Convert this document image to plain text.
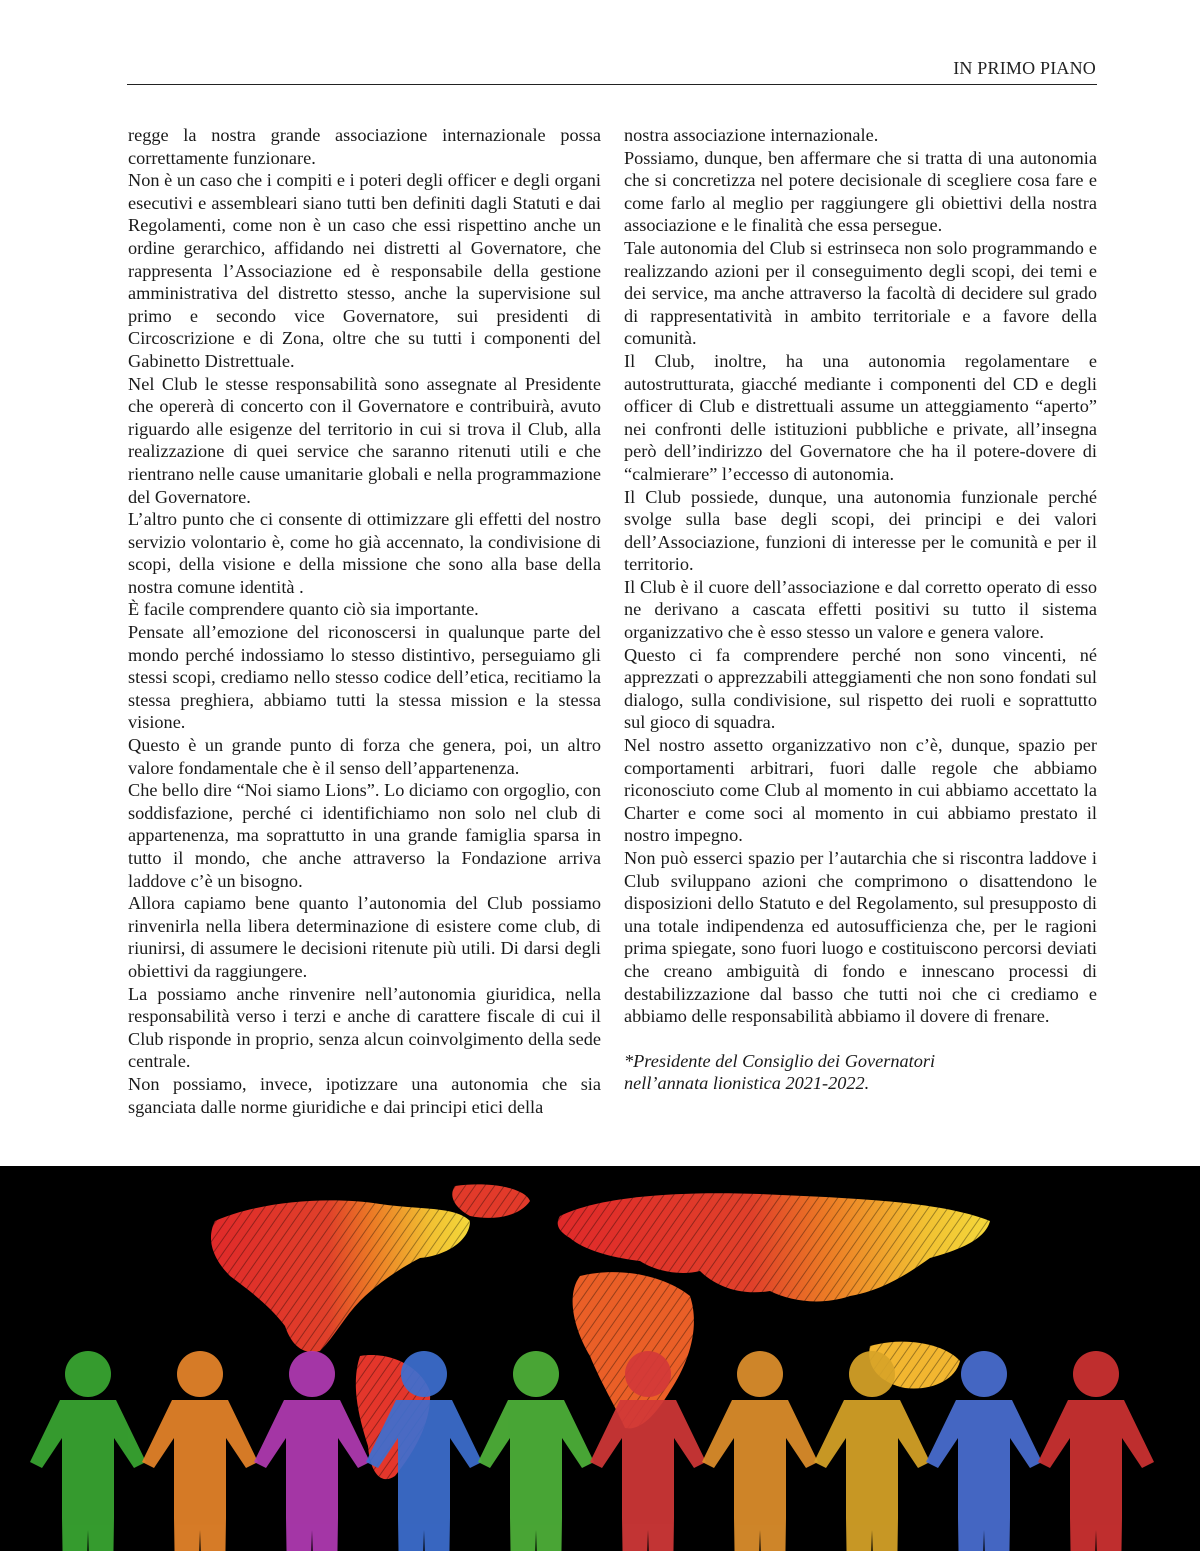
IN PRIMO PIANO

regge la nostra grande associazione internazionale possa correttamente funzionare.

Non è un caso che i compiti e i poteri degli officer e degli organi esecutivi e assembleari siano tutti ben definiti dagli Statuti e dai Regolamenti, come non è un caso che essi rispettino anche un ordine gerarchico, affidando nei distretti al Governatore, che rappresenta l’Associazione ed è responsabile della gestione amministrativa del distretto stesso, anche la supervisione sul primo e secondo vice Governatore, sui presidenti di Circoscrizione e di Zona, oltre che su tutti i componenti del Gabinetto Distrettuale.

Nel Club le stesse responsabilità sono assegnate al Presidente che opererà di concerto con il Governatore e contribuirà, avuto riguardo alle esigenze del territorio in cui si trova il Club, alla realizzazione di quei service che saranno ritenuti utili e che rientrano nelle cause umanitarie globali e nella programmazione del Governatore.

L’altro punto che ci consente di ottimizzare gli effetti del nostro servizio volontario è, come ho già accennato, la condivisione di scopi, della visione e della missione che sono alla base della nostra comune identità .

È facile comprendere quanto ciò sia importante.

Pensate all’emozione del riconoscersi in qualunque parte del mondo perché indossiamo lo stesso distintivo, perseguiamo gli stessi scopi, crediamo nello stesso codice dell’etica, recitiamo la stessa preghiera, abbiamo tutti la stessa mission e la stessa visione.

Questo è un grande punto di forza che genera, poi, un altro valore fondamentale che è il senso dell’appartenenza.

Che bello dire “Noi siamo Lions”. Lo diciamo con orgoglio, con soddisfazione, perché ci identifichiamo non solo nel club di appartenenza, ma soprattutto in una grande famiglia sparsa in tutto il mondo, che anche attraverso la Fondazione arriva laddove c’è un bisogno.

Allora capiamo bene quanto l’autonomia del Club possiamo rinvenirla nella libera determinazione di esistere come club, di riunirsi, di assumere le decisioni ritenute più utili. Di darsi degli obiettivi da raggiungere.

La possiamo anche rinvenire nell’autonomia giuridica, nella responsabilità verso i terzi e anche di carattere fiscale di cui il Club risponde in proprio, senza alcun coinvolgimento della sede centrale.

Non possiamo, invece, ipotizzare una autonomia che sia sganciata dalle norme giuridiche e dai principi etici della

nostra associazione internazionale.

Possiamo, dunque, ben affermare che si tratta di una autonomia che si concretizza nel potere decisionale di scegliere cosa fare e come farlo al meglio per raggiungere gli obiettivi della nostra associazione e le finalità che essa persegue.

Tale autonomia del Club si estrinseca non solo programmando e realizzando azioni per il conseguimento degli scopi, dei temi e dei service, ma anche attraverso la facoltà di decidere sul grado di rappresentatività in ambito territoriale e a favore della comunità.

Il Club, inoltre, ha una autonomia regolamentare e autostrutturata, giacché mediante i componenti del CD e degli officer di Club e distrettuali assume un atteggiamento “aperto” nei confronti delle istituzioni pubbliche e private, all’insegna però dell’indirizzo del Governatore che ha il potere-dovere di “calmierare” l’eccesso di autonomia.

Il Club possiede, dunque, una autonomia funzionale perché svolge sulla base degli scopi, dei principi e dei valori dell’Associazione, funzioni di interesse per le comunità e per il territorio.

Il Club è il cuore dell’associazione e dal corretto operato di esso ne derivano a cascata effetti positivi su tutto il sistema organizzativo che è esso stesso un valore e genera valore.

Questo ci fa comprendere perché non sono vincenti, né apprezzati o apprezzabili atteggiamenti che non sono fondati sul dialogo, sulla condivisione, sul rispetto dei ruoli e soprattutto sul gioco di squadra.

Nel nostro assetto organizzativo non c’è, dunque, spazio per comportamenti arbitrari, fuori dalle regole che abbiamo riconosciuto come Club al momento in cui abbiamo accettato la Charter e come soci al momento in cui abbiamo prestato il nostro impegno.

Non può esserci spazio per l’autarchia che si riscontra laddove i Club sviluppano azioni che comprimono o disattendono le disposizioni dello Statuto e del Regolamento, sul presupposto di una totale indipendenza ed autosufficienza che, per le ragioni prima spiegate, sono fuori luogo e costituiscono percorsi deviati che creano ambiguità di fondo e innescano processi di destabilizzazione dal basso che tutti noi che ci crediamo e abbiamo delle responsabilità abbiamo il dovere di frenare.

*Presidente del Consiglio dei Governatori
nell’annata lionistica 2021-2022.
